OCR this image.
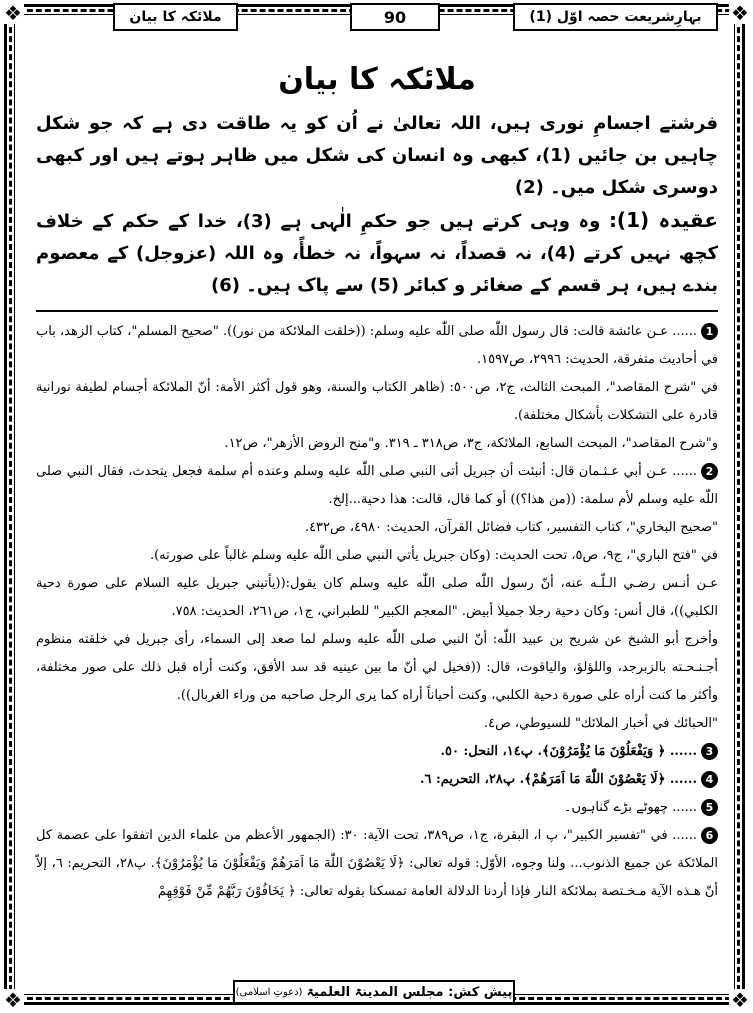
❖	❖
❖	❖
ملائکہ کا بیان	90	بہارِشریعت حصہ اوّل (1)
ملائکہ کا بیان

فرشتے اجسامِ نوری ہیں، اللہ تعالیٰ نے اُن کو یہ طاقت دی ہے کہ جو شکل چاہیں بن جائیں (1)، کبھی وہ انسان کی شکل میں ظاہر ہوتے ہیں اور کبھی دوسری شکل میں۔ (2)

عقیدہ (1): وہ وہی کرتے ہیں جو حکمِ الٰہی ہے (3)، خدا کے حکم کے خلاف کچھ نہیں کرتے (4)، نہ قصداً، نہ سہواً، نہ خطأً، وہ اللہ (عزوجل) کے معصوم بندے ہیں، ہر قسم کے صغائر و کبائر (5) سے پاک ہیں۔ (6)

1...... عـن عائشة قالت: قال رسول اللّٰه صلى اللّٰه عليه وسلم: ((خلقت الملائكة من نور)). "صحيح المسلم"، كتاب الزهد، باب في أحاديث متفرقة، الحديث: ٢٩٩٦، ص١٥٩٧.

في "شرح المقاصد"، المبحث الثالث، ج٢، ص٥٠٠: (ظاهر الكتاب والسنة، وهو قول أكثر الأمة: أنّ الملائكة أجسام لطيفة نورانية قادرة على التشكلات بأشكال مختلفة).

و"شرح المقاصد"، المبحث السابع، الملائكة، ج٣، ص٣١٨ ـ ٣١٩. و"منح الروض الأزهر"، ص١٢.

2...... عـن أبي عـثـمان قال: أنبئت أن جبريل أتى النبي صلى اللّٰه عليه وسلم وعنده أم سلمة فجعل يتحدث، فقال النبي صلى اللّٰه عليه وسلم لأم سلمة: ((من هذا؟)) أو كما قال، قالت: هذا دحية...إلخ.

"صحيح البخاري"، كتاب التفسير، كتاب فضائل القرآن، الحديث: ٤٩٨٠، ص٤٣٢.

في "فتح الباري"، ج٩، ص٥، تحت الحديث: (وكان جبريل يأتي النبي صلى اللّٰه عليه وسلم غالباً على صورته).

عـن أنـس رضـي الـلّـه عنه، أنّ رسول اللّٰه صلى اللّٰه عليه وسلم كان يقول:((يأتيني جبريل عليه السلام على صورة دحية الكلبي))، قال أنس: وكان دحية رجلا جميلا أبيض. "المعجم الكبير" للطبراني، ج١، ص٢٦١، الحديث: ٧٥٨.

وأخرج أبو الشيخ عن شريح بن عبيد اللّٰه: أنّ النبي صلى اللّٰه عليه وسلم لما صعد إلى السماء، رأى جبريل في خلقته منظوم أجـنـحـته بالزبرجد، واللؤلؤ، والياقوت، قال: ((فخيل لي أنّ ما بين عينيه قد سد الأفق، وكنت أراه قبل ذلك على صور مختلفة، وأكثر ما كنت أراه على صورة دحية الكلبي، وكنت أحياناً أراه كما يرى الرجل صاحبه من وراء الغربال)).

"الحبائك في أخبار الملائك" للسيوطي، ص٤.

3...... ﴿ وَيَفْعَلُوْنَ مَا يُؤْمَرُوْنَ﴾. پ١٤، النحل: ٥٠.

4...... ﴿لَا يَعْصُوْنَ اللّٰهَ مَا اَمَرَهُمْ﴾. پ٢٨، التحريم: ٦.

5...... چھوٹے بڑے گناہوں۔

6...... في "تفسير الكبير"، پ ا، البقرة، ج١، ص٣٨٩، تحت الآية: ٣٠: (الجمهور الأعظم من علماء الدين اتفقوا على عصمة كل الملائكة عن جميع الذنوب... ولنا وجوه، الأوّل: قوله تعالى: ﴿لَا يَعْصُوْنَ اللّٰهَ مَا اَمَرَهُمْ وَيَفْعَلُوْنَ مَا يُؤْمَرُوْنَ﴾. پ٢٨، التحريم: ٦، إلاّ أنّ هـذه الآية مـخـتصة بملائكة النار فإذا أردنا الدلالة العامة تمسكنا بقوله تعالى: ﴿ يَخَافُوْنَ رَبَّهُمْ مِّنْ فَوْقِهِمْ

پیش کش:

مجلس المدینۃ العلمیۃ
(دعوتِ اسلامی)
